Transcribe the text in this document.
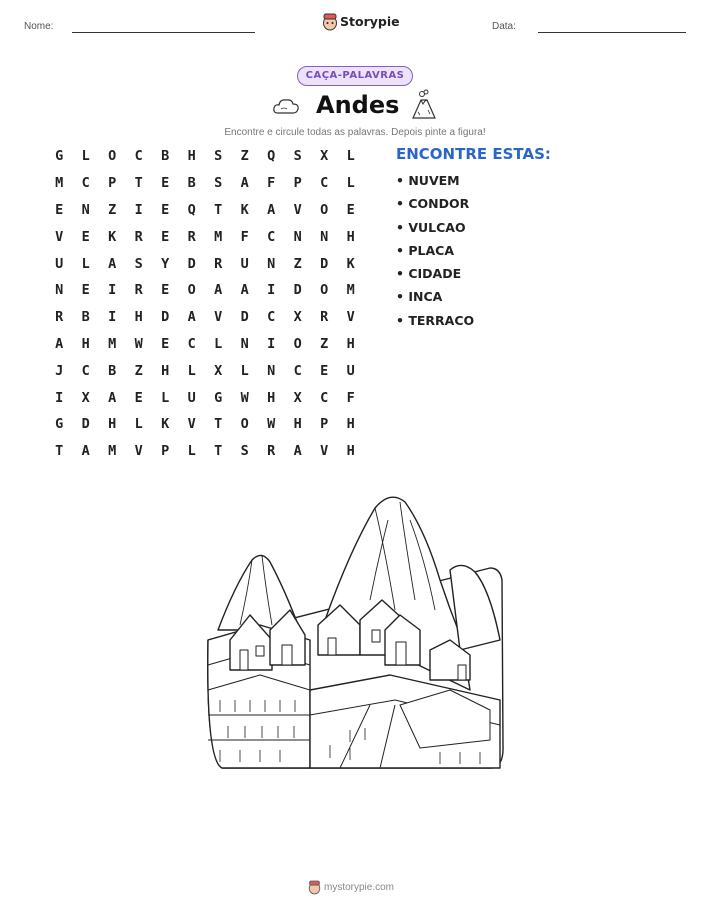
Nome:	Storypie	Data:
CAÇA-PALAVRAS
Andes
Encontre e circule todas as palavras. Depois pinte a figura!
G	L	O	C	B	H	S	Z	Q	S	X	L
M	C	P	T	E	B	S	A	F	P	C	L
E	N	Z	I	E	Q	T	K	A	V	O	E
V	E	K	R	E	R	M	F	C	N	N	H
U	L	A	S	Y	D	R	U	N	Z	D	K
N	E	I	R	E	O	A	A	I	D	O	M
R	B	I	H	D	A	V	D	C	X	R	V
A	H	M	W	E	C	L	N	I	O	Z	H
J	C	B	Z	H	L	X	L	N	C	E	U
I	X	A	E	L	U	G	W	H	X	C	F
G	D	H	L	K	V	T	O	W	H	P	H
T	A	M	V	P	L	T	S	R	A	V	H
ENCONTRE ESTAS:
• NUVEM
• CONDOR
• VULCAO
• PLACA
• CIDADE
• INCA
• TERRACO
mystorypie.com
